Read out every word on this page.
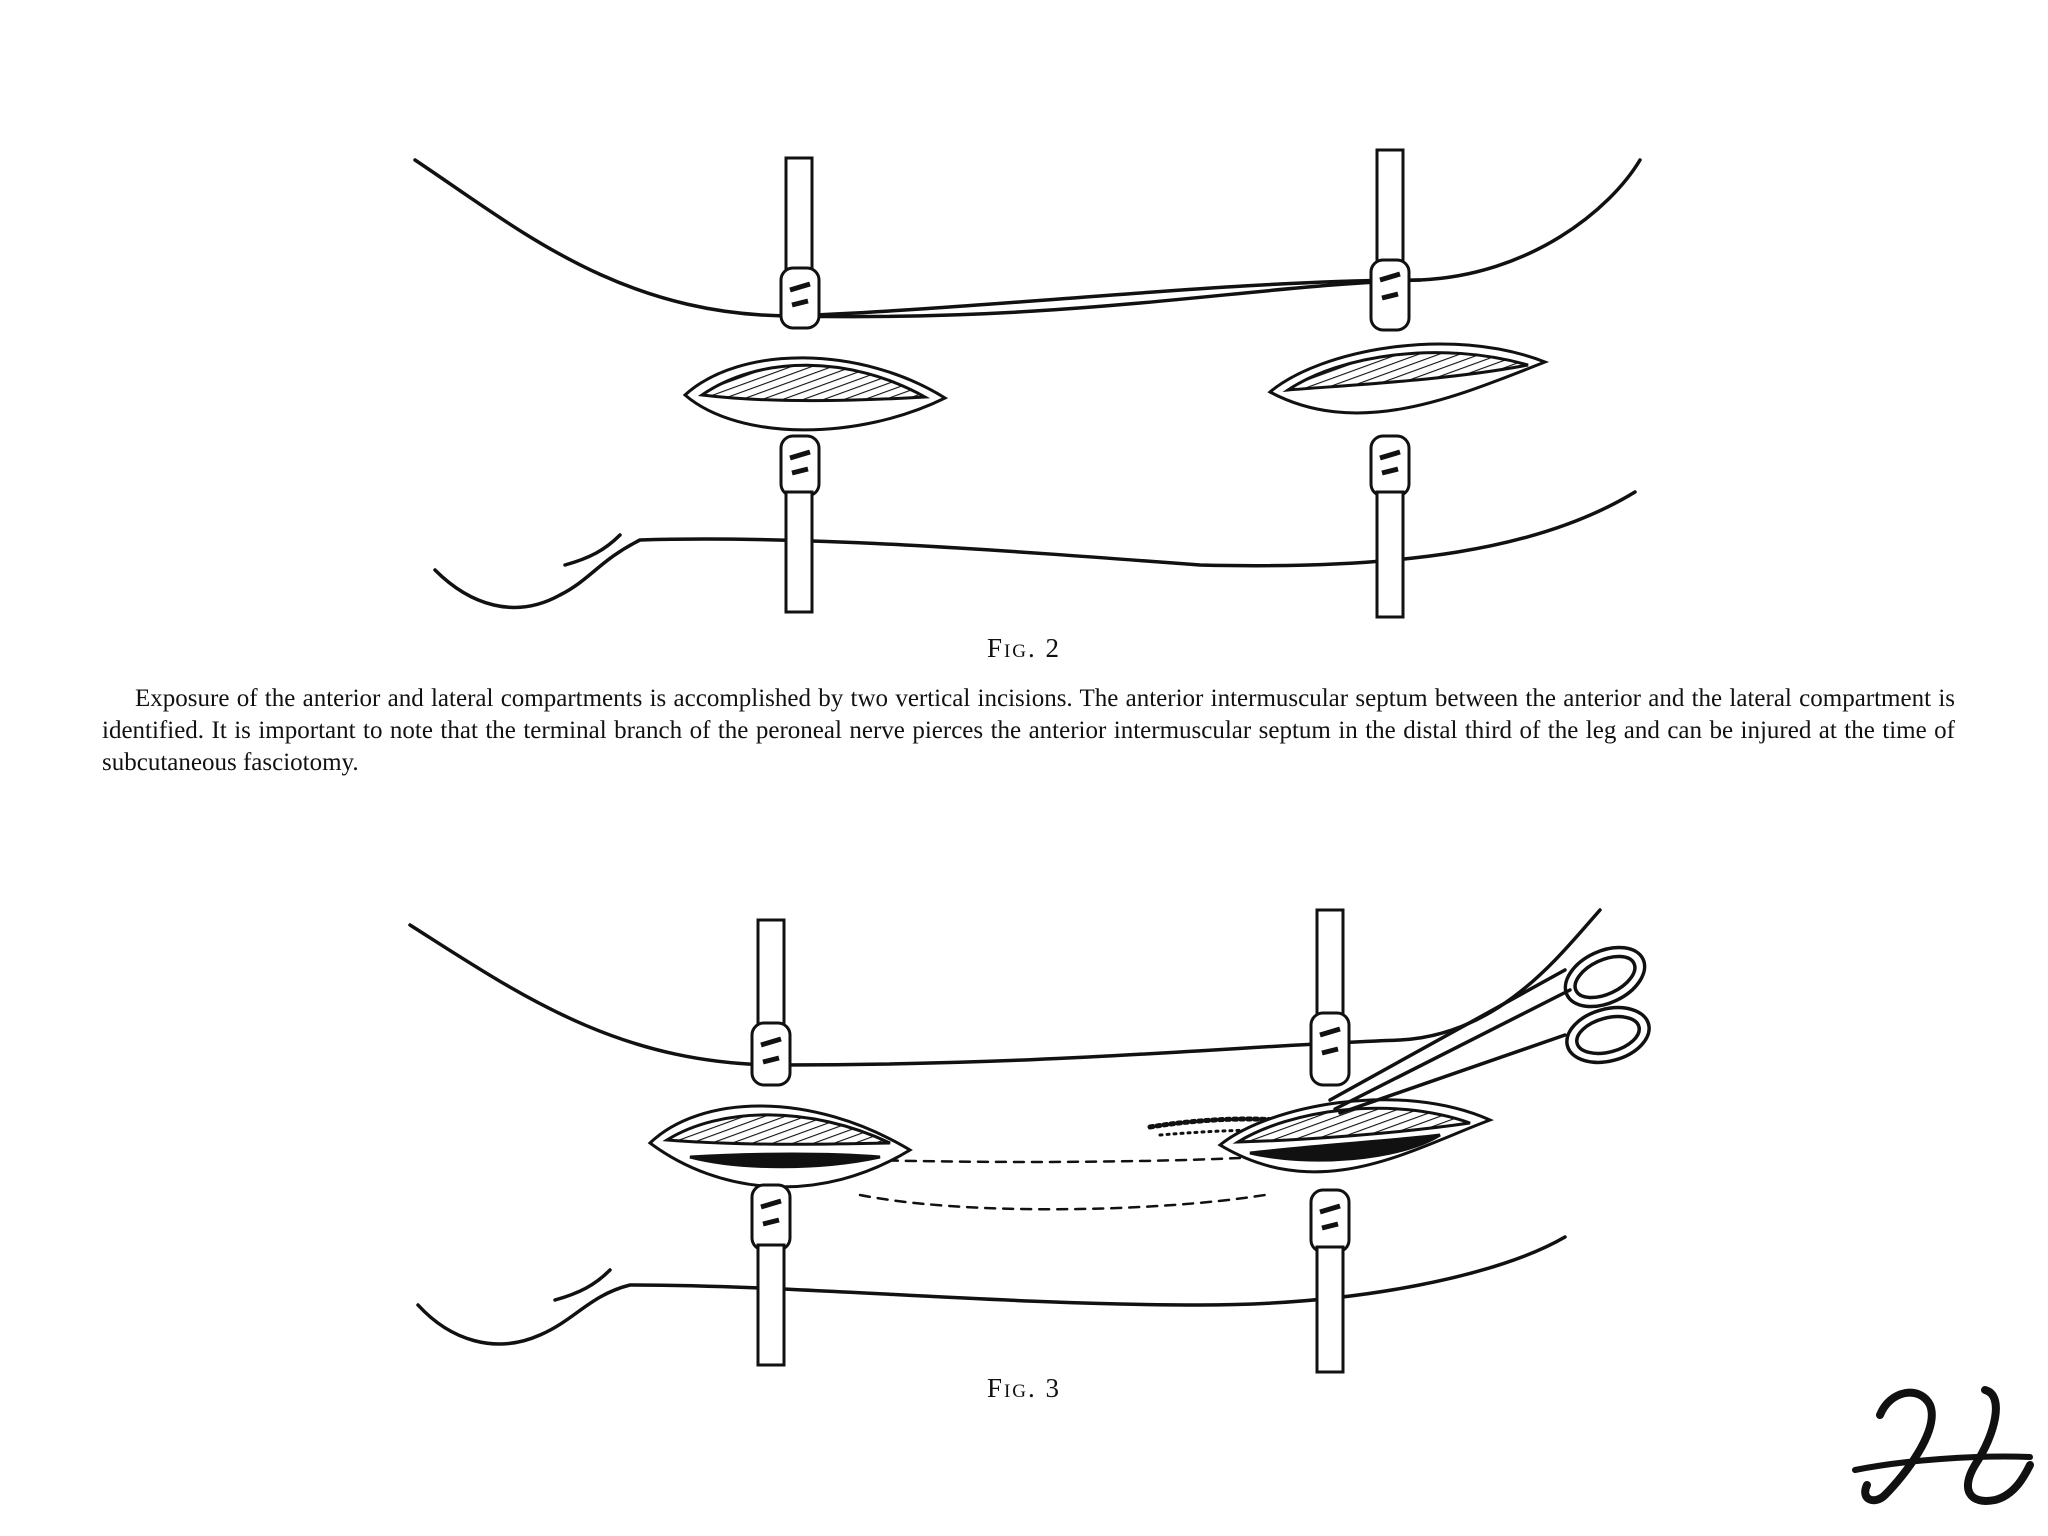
Fig. 2
Exposure of the anterior and lateral compartments is accomplished by two vertical incisions. The anterior intermuscular septum between the anterior and the lateral compartment is identified. It is important to note that the terminal branch of the peroneal nerve pierces the anterior intermuscular septum in the distal third of the leg and can be injured at the time of subcutaneous fasciotomy.
Fig. 3
